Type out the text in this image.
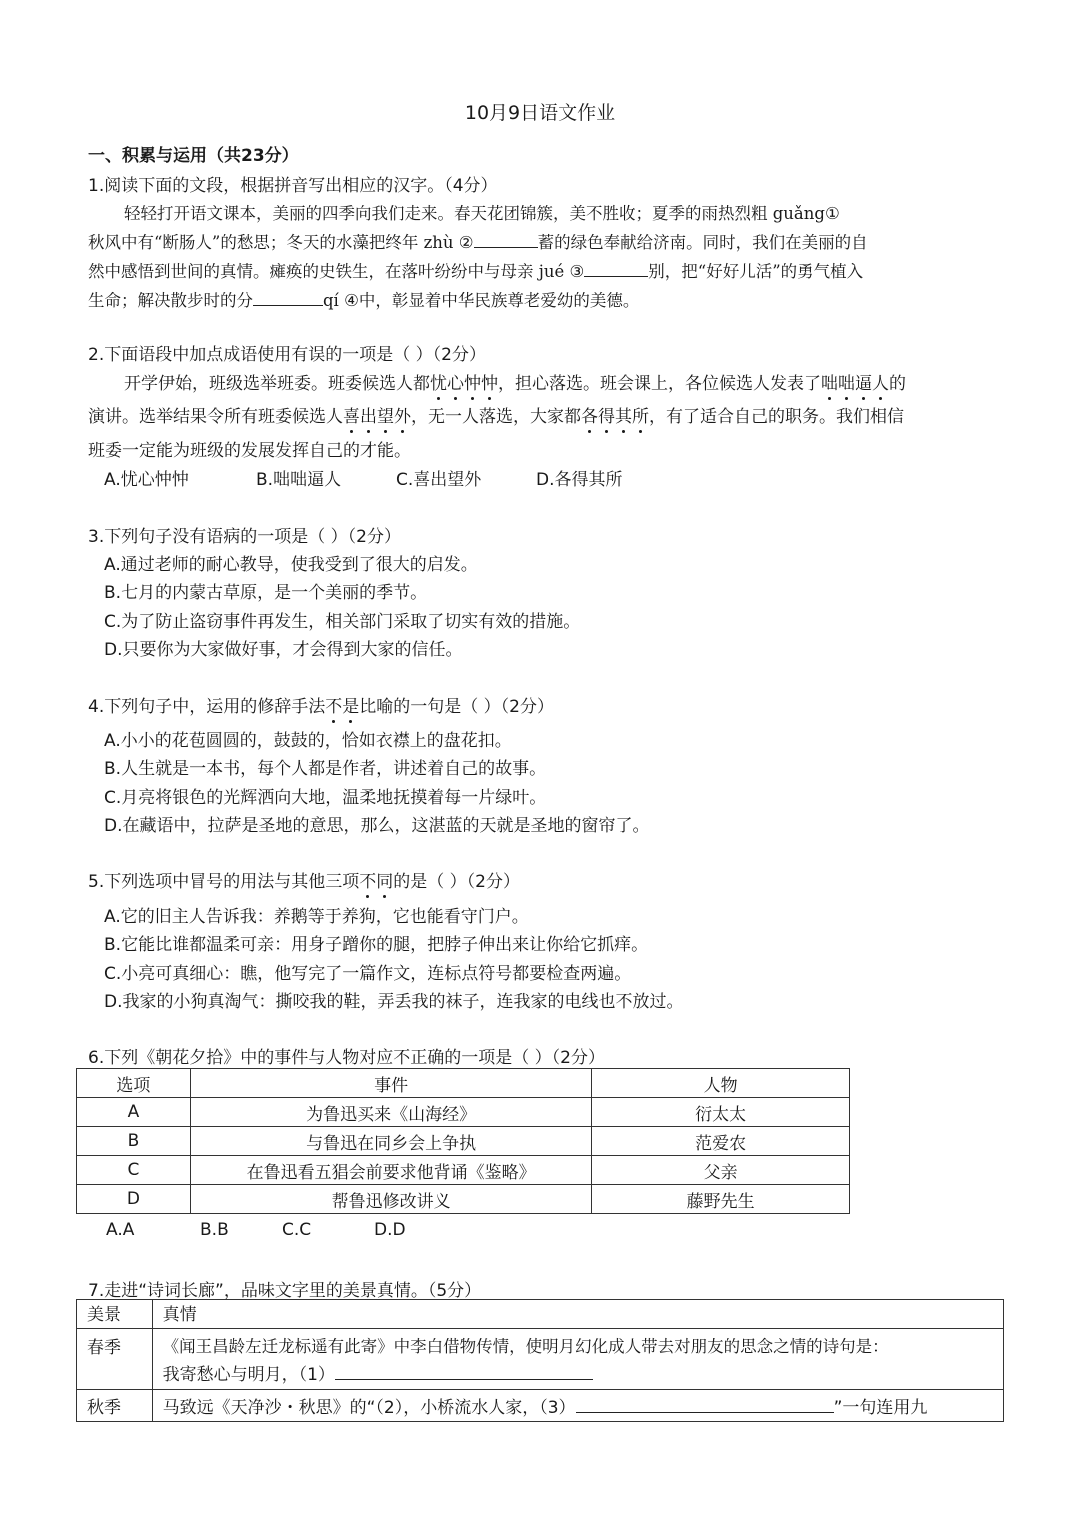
10月9日语文作业
一、积累与运用（共23分）
1.阅读下面的文段，根据拼音写出相应的汉字。（4分）
轻轻打开语文课本，美丽的四季向我们走来。春天花团锦簇，美不胜收；夏季的雨热烈粗 guǎng①
秋风中有“断肠人”的愁思；冬天的水藻把终年 zhù ②	蓄的绿色奉献给济南。同时，我们在美丽的自
然中感悟到世间的真情。瘫痪的史铁生，在落叶纷纷中与母亲 jué ③	别，把“好好儿活”的勇气植入
生命；解决散步时的分	qí ④中，彰显着中华民族尊老爱幼的美德。
2.下面语段中加点成语使用有误的一项是（ ）（2分）
开学伊始，班级选举班委。班委候选人都忧心忡忡，担心落选。班会课上，各位候选人发表了咄咄逼人的
演讲。选举结果令所有班委候选人喜出望外，无一人落选，大家都各得其所，有了适合自己的职务。我们相信
班委一定能为班级的发展发挥自己的才能。
A.忧心忡忡	B.咄咄逼人	C.喜出望外	D.各得其所
3.下列句子没有语病的一项是（ ）（2分）
A.通过老师的耐心教导，使我受到了很大的启发。
B.七月的内蒙古草原，是一个美丽的季节。
C.为了防止盗窃事件再发生，相关部门采取了切实有效的措施。
D.只要你为大家做好事，才会得到大家的信任。
4.下列句子中，运用的修辞手法不是比喻的一句是（ ）（2分）
A.小小的花苞圆圆的，鼓鼓的，恰如衣襟上的盘花扣。
B.人生就是一本书，每个人都是作者，讲述着自己的故事。
C.月亮将银色的光辉洒向大地，温柔地抚摸着每一片绿叶。
D.在藏语中，拉萨是圣地的意思，那么，这湛蓝的天就是圣地的窗帘了。
5.下列选项中冒号的用法与其他三项不同的是（ ）（2分）
A.它的旧主人告诉我：养鹅等于养狗，它也能看守门户。
B.它能比谁都温柔可亲：用身子蹭你的腿，把脖子伸出来让你给它抓痒。
C.小亮可真细心：瞧，他写完了一篇作文，连标点符号都要检查两遍。
D.我家的小狗真淘气：撕咬我的鞋，弄丢我的袜子，连我家的电线也不放过。
6.下列《朝花夕拾》中的事件与人物对应不正确的一项是（ ）（2分）
选项	事件	人物
A	为鲁迅买来《山海经》	衍太太
B	与鲁迅在同乡会上争执	范爱农
C	在鲁迅看五猖会前要求他背诵《鉴略》	父亲
D	帮鲁迅修改讲义	藤野先生
A.A	B.B	C.C	D.D
7.走进“诗词长廊”，品味文字里的美景真情。（5分）
美景	真情
春季	《闻王昌龄左迁龙标遥有此寄》中李白借物传情，使明月幻化成人带去对朋友的思念之情的诗句是：
我寄愁心与明月，（1）

秋季	马致远《天净沙・秋思》的“（2），小桥流水人家，（3） ”一句连用九
